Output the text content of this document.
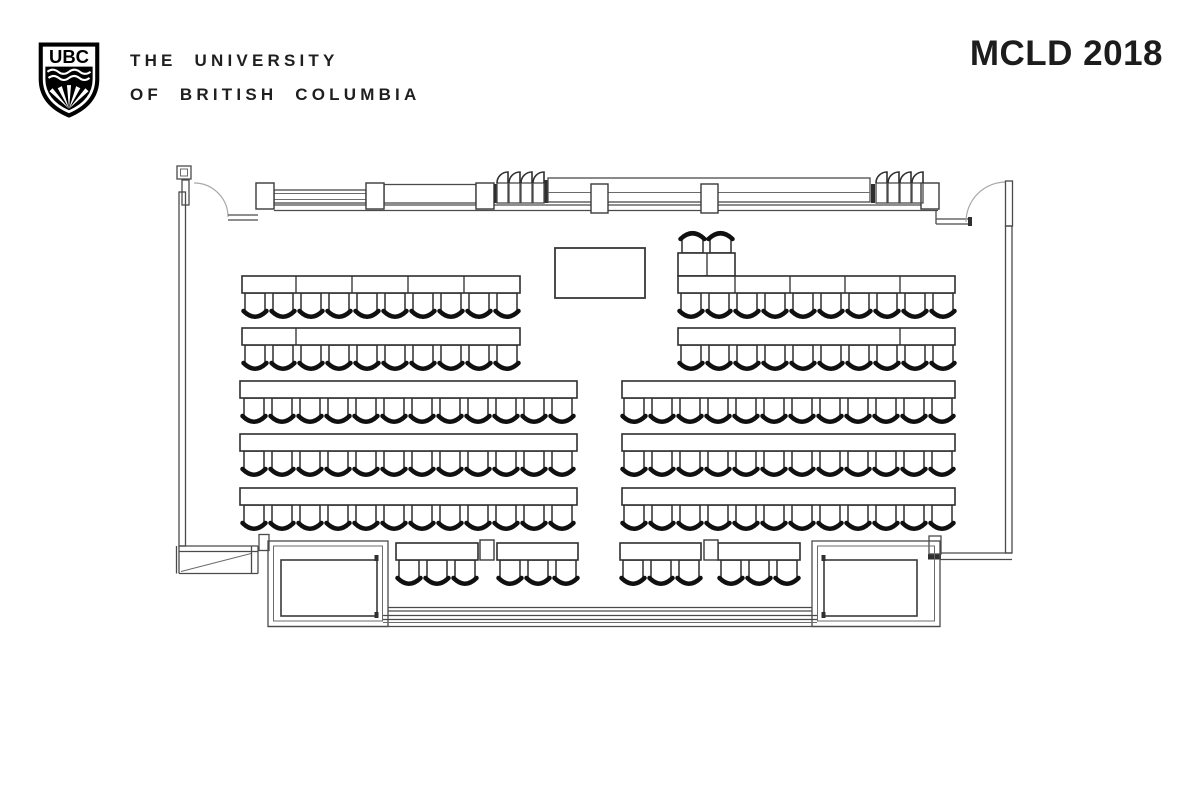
UBC THE UNIVERSITY
OF BRITISH COLUMBIA
MCLD 2018
